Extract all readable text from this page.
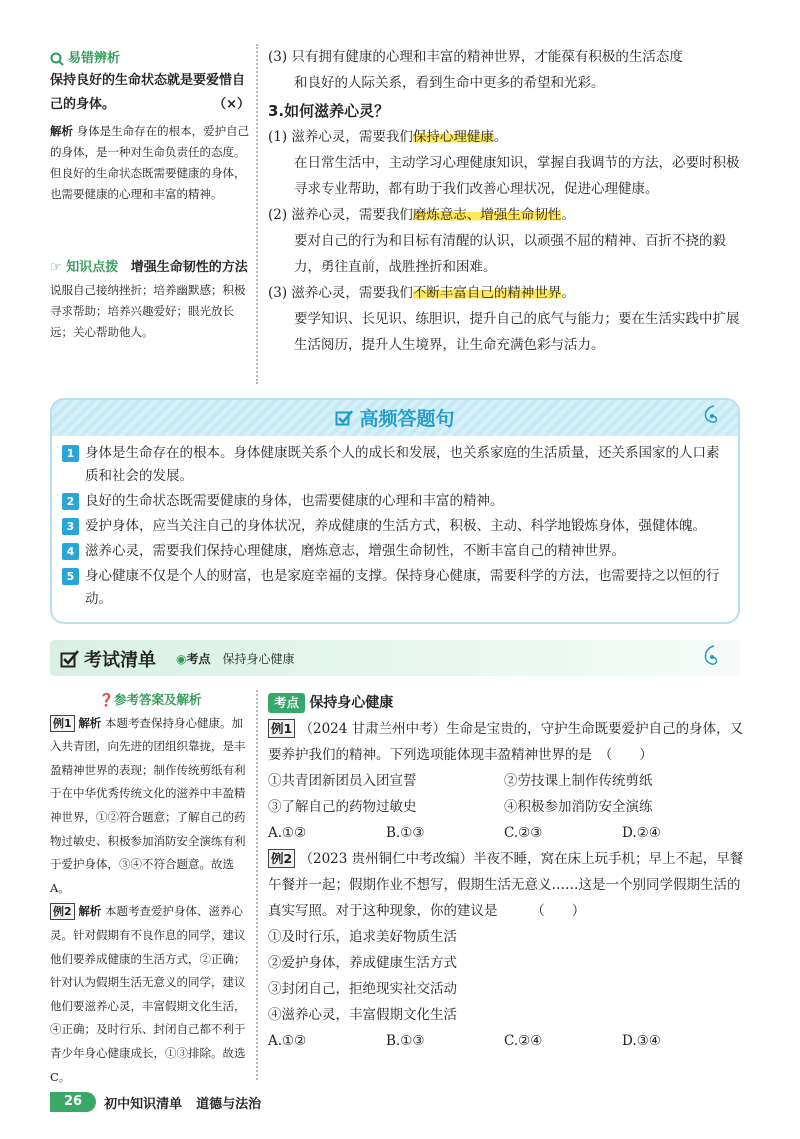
易错辨析
保持良好的生命状态就是要爱惜自己的身体。	（×）
解析 身体是生命存在的根本，爱护自己的身体，是一种对生命负责任的态度。但良好的生命状态既需要健康的身体，也需要健康的心理和丰富的精神。
☞ 知识点拨 增强生命韧性的方法
说服自己接纳挫折；培养幽默感；积极寻求帮助；培养兴趣爱好；眼光放长远；关心帮助他人。
(3) 只有拥有健康的心理和丰富的精神世界，才能葆有积极的生活态度
和良好的人际关系，看到生命中更多的希望和光彩。
3.如何滋养心灵？
(1) 滋养心灵，需要我们保持心理健康。
在日常生活中，主动学习心理健康知识，掌握自我调节的方法，必要时积极寻求专业帮助，都有助于我们改善心理状况，促进心理健康。
(2) 滋养心灵，需要我们磨炼意志、增强生命韧性。
要对自己的行为和目标有清醒的认识，以顽强不屈的精神、百折不挠的毅力，勇往直前，战胜挫折和困难。
(3) 滋养心灵，需要我们不断丰富自己的精神世界。
要学知识、长见识、练胆识，提升自己的底气与能力；要在生活实践中扩展生活阅历，提升人生境界，让生命充满色彩与活力。
高频答题句
1 身体是生命存在的根本。身体健康既关系个人的成长和发展，也关系家庭的生活质量，还关系国家的人口素质和社会的发展。
2 良好的生命状态既需要健康的身体，也需要健康的心理和丰富的精神。
3 爱护身体，应当关注自己的身体状况，养成健康的生活方式，积极、主动、科学地锻炼身体，强健体魄。
4 滋养心灵，需要我们保持心理健康，磨炼意志，增强生命韧性，不断丰富自己的精神世界。
5 身心健康不仅是个人的财富，也是家庭幸福的支撑。保持身心健康，需要科学的方法，也需要持之以恒的行动。
考试清单 ◉考点　 保持身心健康
❓参考答案及解析
例1 解析 本题考查保持身心健康。加入共青团，向先进的团组织靠拢，是丰盈精神世界的表现；制作传统剪纸有利于在中华优秀传统文化的滋养中丰盈精神世界，①②符合题意；了解自己的药物过敏史、积极参加消防安全演练有利于爱护身体，③④不符合题意。故选A。
例2 解析 本题考查爱护身体、滋养心灵。针对假期有不良作息的同学，建议他们要养成健康的生活方式，②正确；针对认为假期生活无意义的同学，建议他们要滋养心灵，丰富假期文化生活，④正确；及时行乐、封闭自己都不利于青少年身心健康成长，①③排除。故选C。
考点 保持身心健康
例1 （2024 甘肃兰州中考）生命是宝贵的，守护生命既要爱护自己的身体，又要养护我们的精神。下列选项能体现丰盈精神世界的是　（　　）
①共青团新团员入团宣誓	②劳技课上制作传统剪纸
③了解自己的药物过敏史	④积极参加消防安全演练
A.①②	B.①③	C.②③	D.②④
例2 （2023 贵州铜仁中考改编）半夜不睡，窝在床上玩手机；早上不起，早餐午餐并一起；假期作业不想写，假期生活无意义……这是一个别同学假期生活的真实写照。对于这种现象，你的建议是　　　（　　）
①及时行乐，追求美好物质生活
②爱护身体，养成健康生活方式
③封闭自己，拒绝现实社交活动
④滋养心灵，丰富假期文化生活
A.①②	B.①③	C.②④	D.③④
26	初中知识清单 道德与法治
